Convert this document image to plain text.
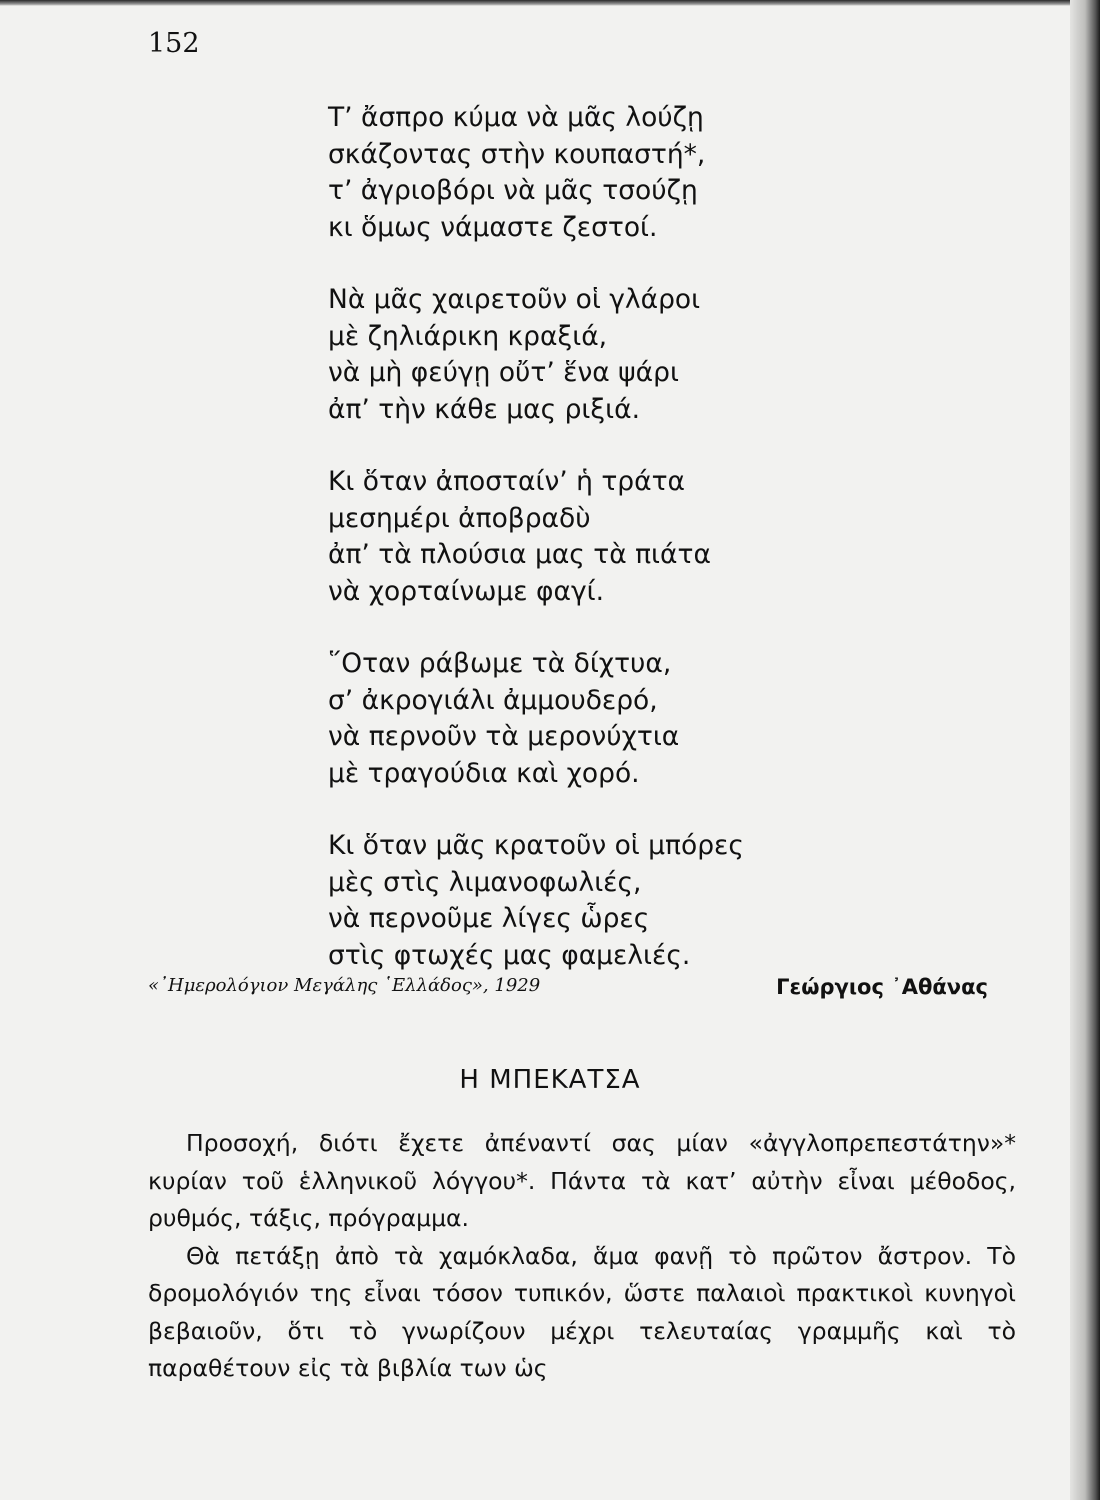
152
Τ’ ἄσπρο κύμα νὰ μᾶς λούζῃ
σκάζοντας στὴν κουπαστή*,
τ’ ἀγριοβόρι νὰ μᾶς τσούζῃ
κι ὅμως νάμαστε ζεστοί.
Νὰ μᾶς χαιρετοῦν οἱ γλάροι
μὲ ζηλιάρικη κραξιά,
νὰ μὴ φεύγῃ οὔτ’ ἕνα ψάρι
ἀπ’ τὴν κάθε μας ριξιά.
Κι ὅταν ἀποσταίν’ ἡ τράτα
μεσημέρι ἀποβραδὺ
ἀπ’ τὰ πλούσια μας τὰ πιάτα
νὰ χορταίνωμε φαγί.
῞Οταν ράβωμε τὰ δίχτυα,
σ’ ἀκρογιάλι ἀμμουδερό,
νὰ περνοῦν τὰ μερονύχτια
μὲ τραγούδια καὶ χορό.
Κι ὅταν μᾶς κρατοῦν οἱ μπόρες
μὲς στὶς λιμανοφωλιές,
νὰ περνοῦμε λίγες ὧρες
στὶς φτωχές μας φαμελιές.
«᾿Ημερολόγιον Μεγάλης ῾Ελλάδος», 1929	Γεώργιος ᾿Αθάνας
Η ΜΠΕΚΑΤΣΑ

Προσοχή, διότι ἔχετε ἀπέναντί σας μίαν «ἀγγλοπρεπεστάτην»* κυρίαν τοῦ ἑλληνικοῦ λόγγου*. Πάντα τὰ κατ’ αὐτὴν εἶναι μέθοδος, ρυθμός, τάξις, πρόγραμμα.

Θὰ πετάξῃ ἀπὸ τὰ χαμόκλαδα, ἅμα φανῇ τὸ πρῶτον ἄστρον. Τὸ δρομολόγιόν της εἶναι τόσον τυπικόν, ὥστε παλαιοὶ πρακτικοὶ κυνηγοὶ βεβαιοῦν, ὅτι τὸ γνωρίζουν μέχρι τελευταίας γραμμῆς καὶ τὸ παραθέτουν εἰς τὰ βιβλία των ὡς
